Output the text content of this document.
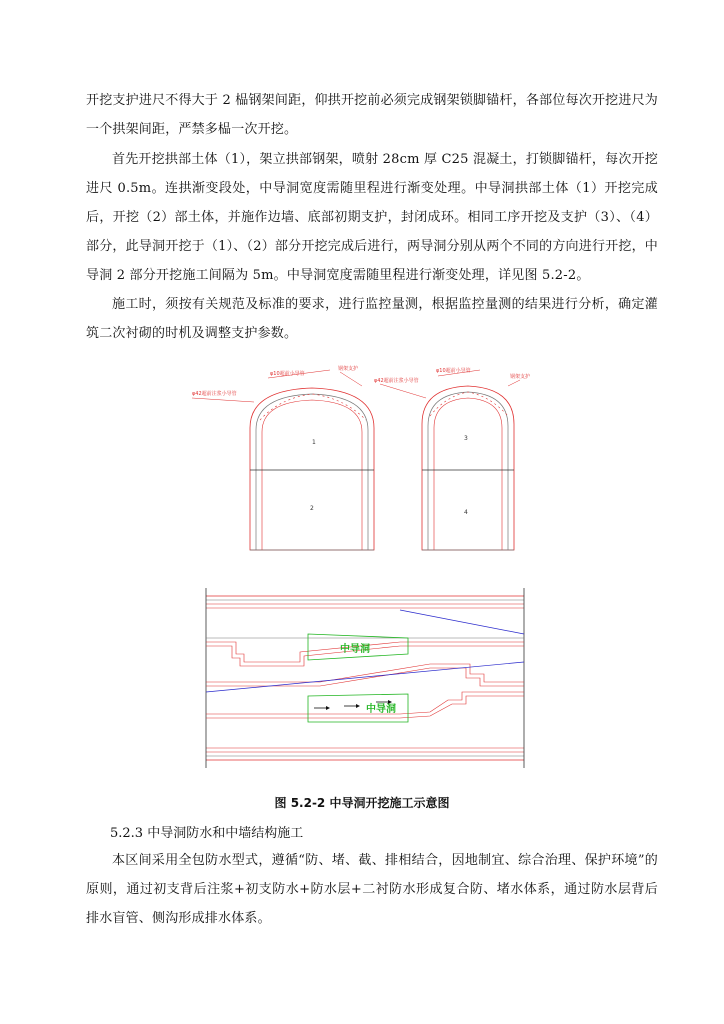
开挖支护进尺不得大于 2 榀钢架间距，仰拱开挖前必须完成钢架锁脚锚杆，各部位每次开挖进尺为一个拱架间距，严禁多榀一次开挖。

首先开挖拱部土体（1），架立拱部钢架，喷射 28cm 厚 C25 混凝土，打锁脚锚杆，每次开挖进尺 0.5m。连拱渐变段处，中导洞宽度需随里程进行渐变处理。中导洞拱部土体（1）开挖完成后，开挖（2）部土体，并施作边墙、底部初期支护，封闭成环。相同工序开挖及支护（3）、（4）部分，此导洞开挖于（1）、（2）部分开挖完成后进行，两导洞分别从两个不同的方向进行开挖，中导洞 2 部分开挖施工间隔为 5m。中导洞宽度需随里程进行渐变处理，详见图 5.2-2。

施工时，须按有关规范及标准的要求，进行监控量测，根据监控量测的结果进行分析，确定灌筑二次衬砌的时机及调整支护参数。

φ10超前小导管
φ42超前注浆小导管
钢架支护
1
2
φ10超前小导管
φ42超前注浆小导管
钢架支护
3
4
中导洞
中导洞

图 5.2-2 中导洞开挖施工示意图

5.2.3 中导洞防水和中墙结构施工

本区间采用全包防水型式，遵循“防、堵、截、排相结合，因地制宜、综合治理、保护环境”的原则，通过初支背后注浆+初支防水+防水层+二衬防水形成复合防、堵水体系，通过防水层背后排水盲管、侧沟形成排水体系。
